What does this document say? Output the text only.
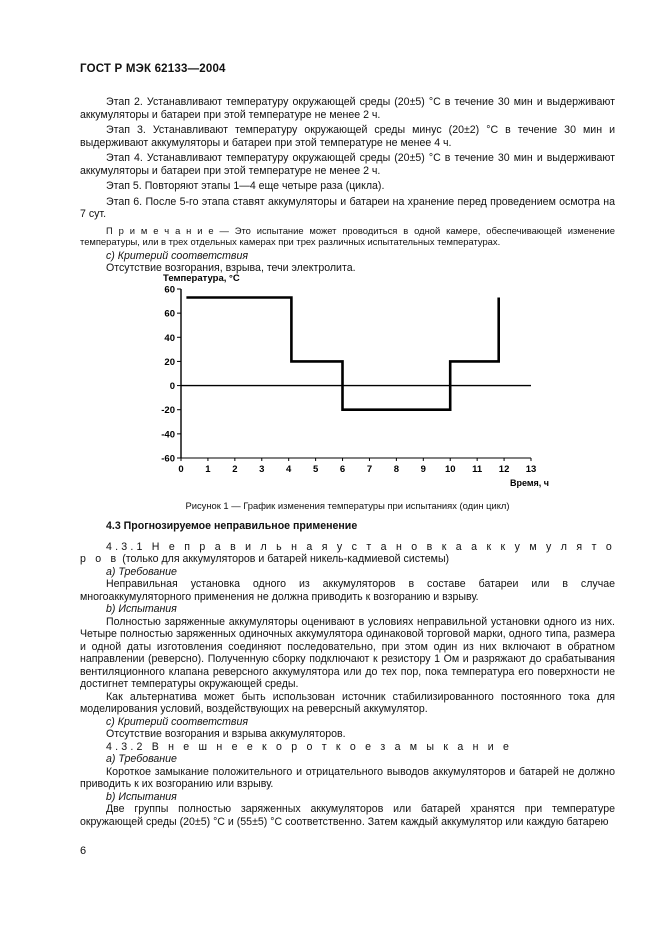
ГОСТ Р МЭК 62133—2004
Этап 2. Устанавливают температуру окружающей среды (20±5) °С в течение 30 мин и выдерживают аккумуляторы и батареи при этой температуре не менее 2 ч.
Этап 3. Устанавливают температуру окружающей среды минус (20±2) °С в течение 30 мин и выдерживают аккумуляторы и батареи при этой температуре не менее 4 ч.
Этап 4. Устанавливают температуру окружающей среды (20±5) °С в течение 30 мин и выдерживают аккумуляторы и батареи при этой температуре не менее 2 ч.
Этап 5. Повторяют этапы 1—4 еще четыре раза (цикла).
Этап 6. После 5-го этапа ставят аккумуляторы и батареи на хранение перед проведением осмотра на 7 сут.
П р и м е ч а н и е — Это испытание может проводиться в одной камере, обеспечивающей изменение температуры, или в трех отдельных камерах при трех различных испытательных температурах.
c) Критерий соответствия
Отсутствие возгорания, взрыва, течи электролита.
Температура, °С
Время, ч
60
60
40
20
0
-20
-40
-60
0 1 2 3 4 5 6 7 8 9 10 11 12 13
Рисунок 1 — График изменения температуры при испытаниях (один цикл)
4.3 Прогнозируемое неправильное применение
4.3.1 Н е п р а в и л ь н а я у с т а н о в к а а к к у м у л я т о р о в (только для аккумуляторов и батарей никель-кадмиевой системы)
a) Требование
Неправильная установка одного из аккумуляторов в составе батареи или в случае многоаккумуляторного применения не должна приводить к возгоранию и взрыву.
b) Испытания
Полностью заряженные аккумуляторы оценивают в условиях неправильной установки одного из них. Четыре полностью заряженных одиночных аккумулятора одинаковой торговой марки, одного типа, размера и одной даты изготовления соединяют последовательно, при этом один из них включают в обратном направлении (реверсно). Полученную сборку подключают к резистору 1 Ом и разряжают до срабатывания вентиляционного клапана реверсного аккумулятора или до тех пор, пока температура его поверхности не достигнет температуры окружающей среды.
Как альтернатива может быть использован источник стабилизированного постоянного тока для моделирования условий, воздействующих на реверсный аккумулятор.
c) Критерий соответствия
Отсутствие возгорания и взрыва аккумуляторов.
4.3.2 В н е ш н е е к о р о т к о е з а м ы к а н и е
a) Требование
Короткое замыкание положительного и отрицательного выводов аккумуляторов и батарей не должно приводить к их возгоранию или взрыву.
b) Испытания
Две группы полностью заряженных аккумуляторов или батарей хранятся при температуре окружающей среды (20±5) °С и (55±5) °С соответственно. Затем каждый аккумулятор или каждую батарею
6
